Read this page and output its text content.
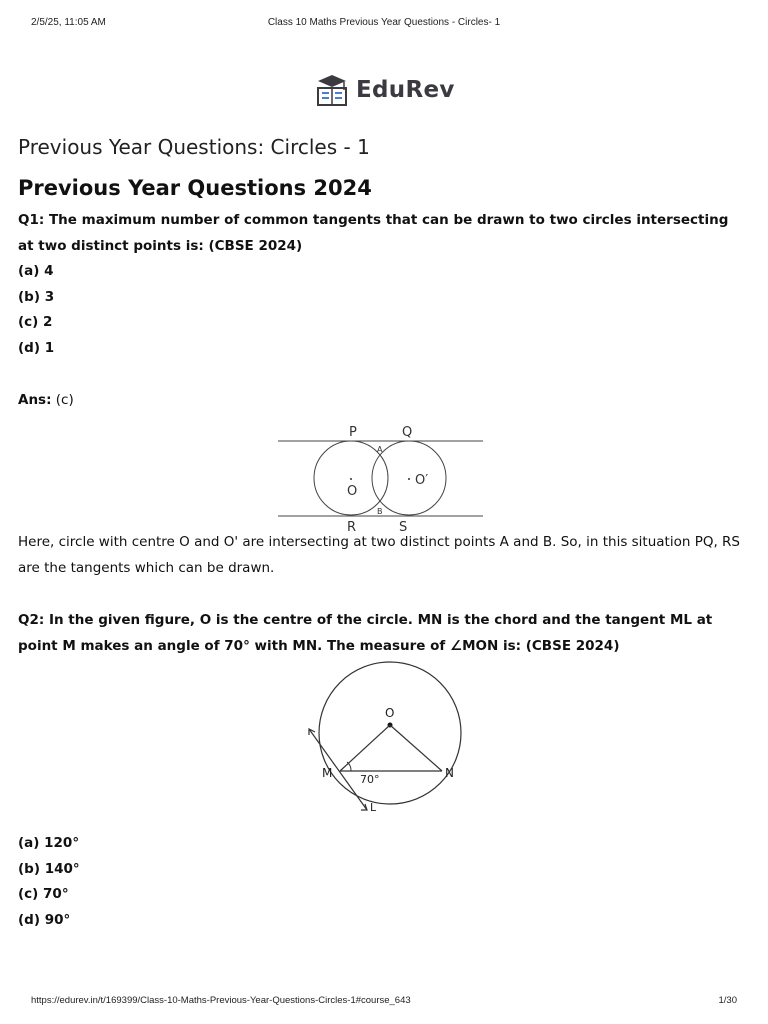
2/5/25, 11:05 AM	Class 10 Maths Previous Year Questions - Circles- 1
EduRev
Previous Year Questions: Circles - 1
Previous Year Questions 2024

Q1: The maximum number of common tangents that can be drawn to two circles intersecting at two distinct points is: (CBSE 2024)

(a) 4

(b) 3

(c) 2

(d) 1

Ans: (c)

P	Q
O
O′
R	S
A
B

Here, circle with centre O and O' are intersecting at two distinct points A and B. So, in this situation PQ, RS are the tangents which can be drawn.

Q2: In the given figure, O is the centre of the circle. MN is the chord and the tangent ML at point M makes an angle of 70° with MN. The measure of ∠MON is: (CBSE 2024)

O
M	N
L
70°

(a) 120°

(b) 140°

(c) 70°

(d) 90°

https://edurev.in/t/169399/Class-10-Maths-Previous-Year-Questions-Circles-1#course_643	1/30
